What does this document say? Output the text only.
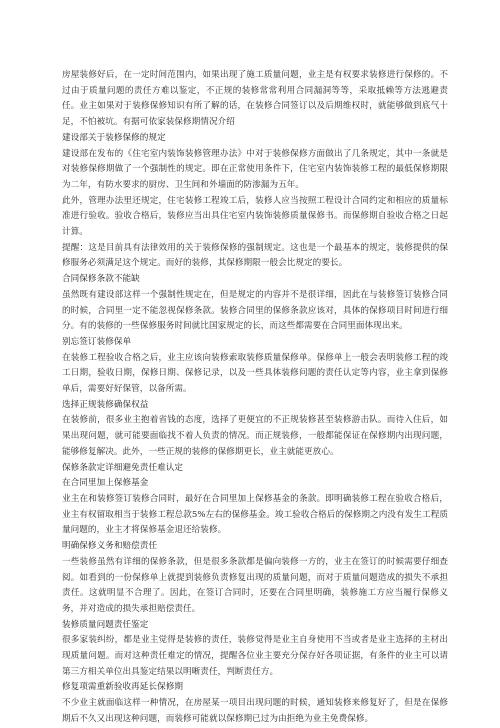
房屋装修好后，在一定时间范围内，如果出现了施工质量问题，业主是有权要求装修进行保修的。不过由于质量问题的责任方难以鉴定，不正规的装修常常利用合同漏洞等等，采取抵赖等方法逃避责任。业主如果对于装修保修知识有所了解的话，在装修合同签订以及后期维权时，就能够做到底气十足，不怕被坑。有据可依家装保修期情况介绍
建设部关于装修保修的规定
建设部在发布的《住宅室内装饰装修管理办法》中对于装修保修方面做出了几条规定，其中一条就是对装修保修期做了一个强制性的规定。即在正常使用条件下，住宅室内装饰装修工程的最低保修期限为二年，有防水要求的厨房、卫生间和外墙面的防渗漏为五年。
此外，管理办法里还规定，住宅装修工程竣工后，装修人应当按照工程设计合同约定和相应的质量标准进行验收。验收合格后，装修应当出具住宅室内装饰装修质量保修书。而保修期自验收合格之日起计算。
提醒：这是目前具有法律效用的关于装修保修的强制规定。这也是一个最基本的规定，装修提供的保修服务必须满足这个规定。而好的装修，其保修期限一般会比规定的要长。
合同保修条款不能缺
虽然既有建设部这样一个强制性规定在，但是规定的内容并不是很详细，因此在与装修签订装修合同的时候，合同里一定不能忽视保修条款。装修合同里的保修条款应该对，具体的保修项目时间进行细分。有的装修的一些保修服务时间就比国家规定的长，而这些都需要在合同里面体现出来。
别忘签订装修保单
在装修工程验收合格之后，业主应该向装修索取装修质量保修单。保修单上一般会表明装修工程的竣工日期，验收日期，保修日期、保修记录，以及一些具体装修问题的责任认定等内容，业主拿到保修单后，需要好好保管，以备所需。
选择正规装修确保权益
在装修前，很多业主抱着省钱的态度，选择了更便宜的不正规装修甚至装修游击队。而待入住后，如果出现问题，就可能要面临找不着人负责的情况。而正规装修，一般都能保证在保修期内出现问题，能够修复解决。此外，一些正规的装修的保修期更长，业主就能更放心。
保修条款定详细避免责任难认定
在合同里加上保修基金
业主在和装修签订装修合同时，最好在合同里加上保修基金的条款。即明确装修工程在验收合格后，业主有权留取相当于装修工程总款5%左右的保修基金。竣工验收合格后的保修期之内没有发生工程质量问题的，业主才将保修基金退还给装修。
明确保修义务和赔偿责任
一些装修虽然有详细的保修条款，但是很多条款都是偏向装修一方的，业主在签订的时候需要仔细查阅。如看到的一份保修单上就提到装修负责修复出现的质量问题，而对于质量问题造成的损失不承担责任。这就明显不合理了。因此，在签订合同时，还要在合同里明确，装修施工方应当履行保修义务，并对造成的损失承担赔偿责任。
装修质量问题责任鉴定
很多家装纠纷，都是业主觉得是装修的责任，装修觉得是业主自身使用不当或者是业主选择的主材出现质量问题。而对这种责任难定的情况，提醒各位业主要充分保存好各项证据，有条件的业主可以请第三方相关单位出具鉴定结果以明晰责任，判断责任方。
修复项需重新验收再延长保修期
不少业主就面临这样一种情况，在房屋某一项目出现问题的时候，通知装修来修复好了，但是在保修期后不久又出现这种问题，而装修可能就以保修期已过为由拒绝为业主免费保修。
